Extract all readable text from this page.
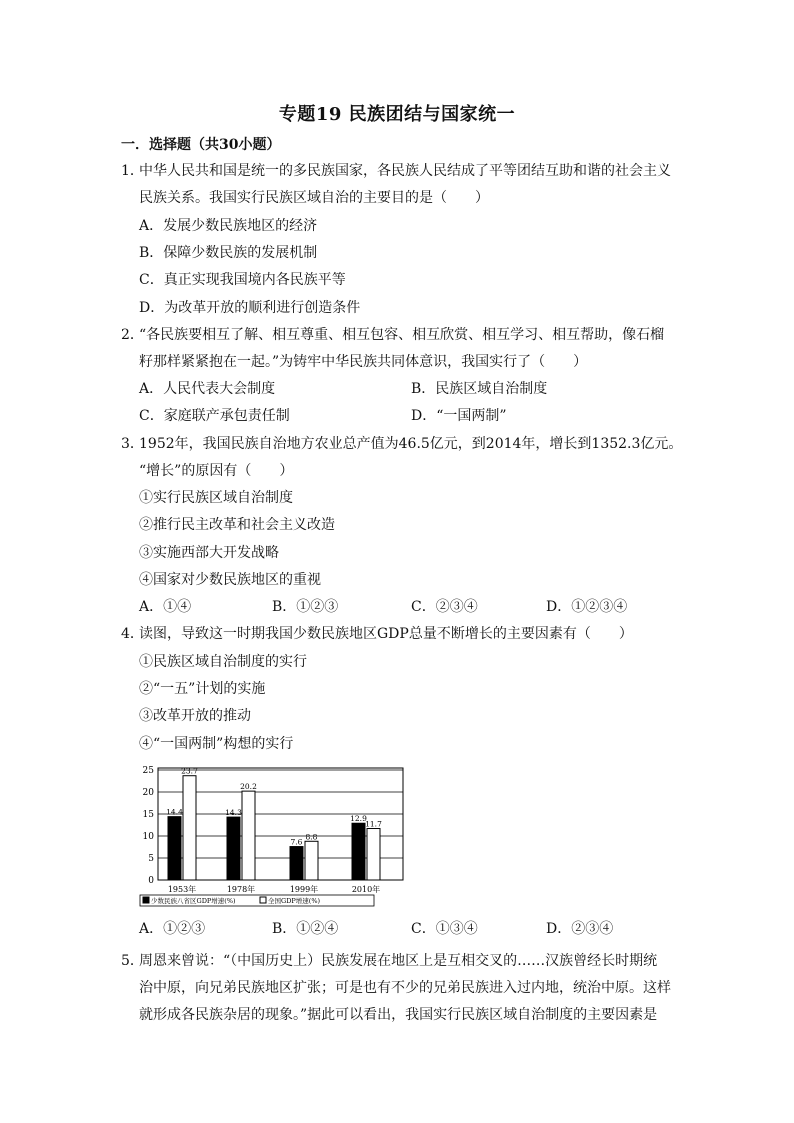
专题19 民族团结与国家统一
一．选择题（共30小题）
1．
中华人民共和国是统一的多民族国家，各民族人民结成了平等团结互助和谐的社会主义
民族关系。我国实行民族区域自治的主要目的是（　　）
A．发展少数民族地区的经济
B．保障少数民族的发展机制
C．真正实现我国境内各民族平等
D．为改革开放的顺利进行创造条件
2．
“各民族要相互了解、相互尊重、相互包容、相互欣赏、相互学习、相互帮助，像石榴
籽那样紧紧抱在一起。”为铸牢中华民族共同体意识，我国实行了（　　）
A．人民代表大会制度	B．民族区域自治制度
C．家庭联产承包责任制	D．“一国两制”
3．
1952年，我国民族自治地方农业总产值为46.5亿元，到2014年，增长到1352.3亿元。
“增长”的原因有（　　）
①实行民族区域自治制度
②推行民主改革和社会主义改造
③实施西部大开发战略
④国家对少数民族地区的重视
A．①④	B．①②③	C．②③④	D．①②③④
4．
读图，导致这一时期我国少数民族地区GDP总量不断增长的主要因素有（　　）
①民族区域自治制度的实行
②“一五”计划的实施
③改革开放的推动
④“一国两制”构想的实行
0
5
10
15
20
25
14.4
23.7
1953年
14.3
20.2
1978年
7.6
8.8
1999年
12.9
11.7
2010年
少数民族八省区GDP增速(%)	全国GDP增速(%)
A．①②③	B．①②④	C．①③④	D．②③④
5．
周恩来曾说：“（中国历史上）民族发展在地区上是互相交叉的……汉族曾经长时期统
治中原，向兄弟民族地区扩张；可是也有不少的兄弟民族进入过内地，统治中原。这样
就形成各民族杂居的现象。”据此可以看出，我国实行民族区域自治制度的主要因素是
